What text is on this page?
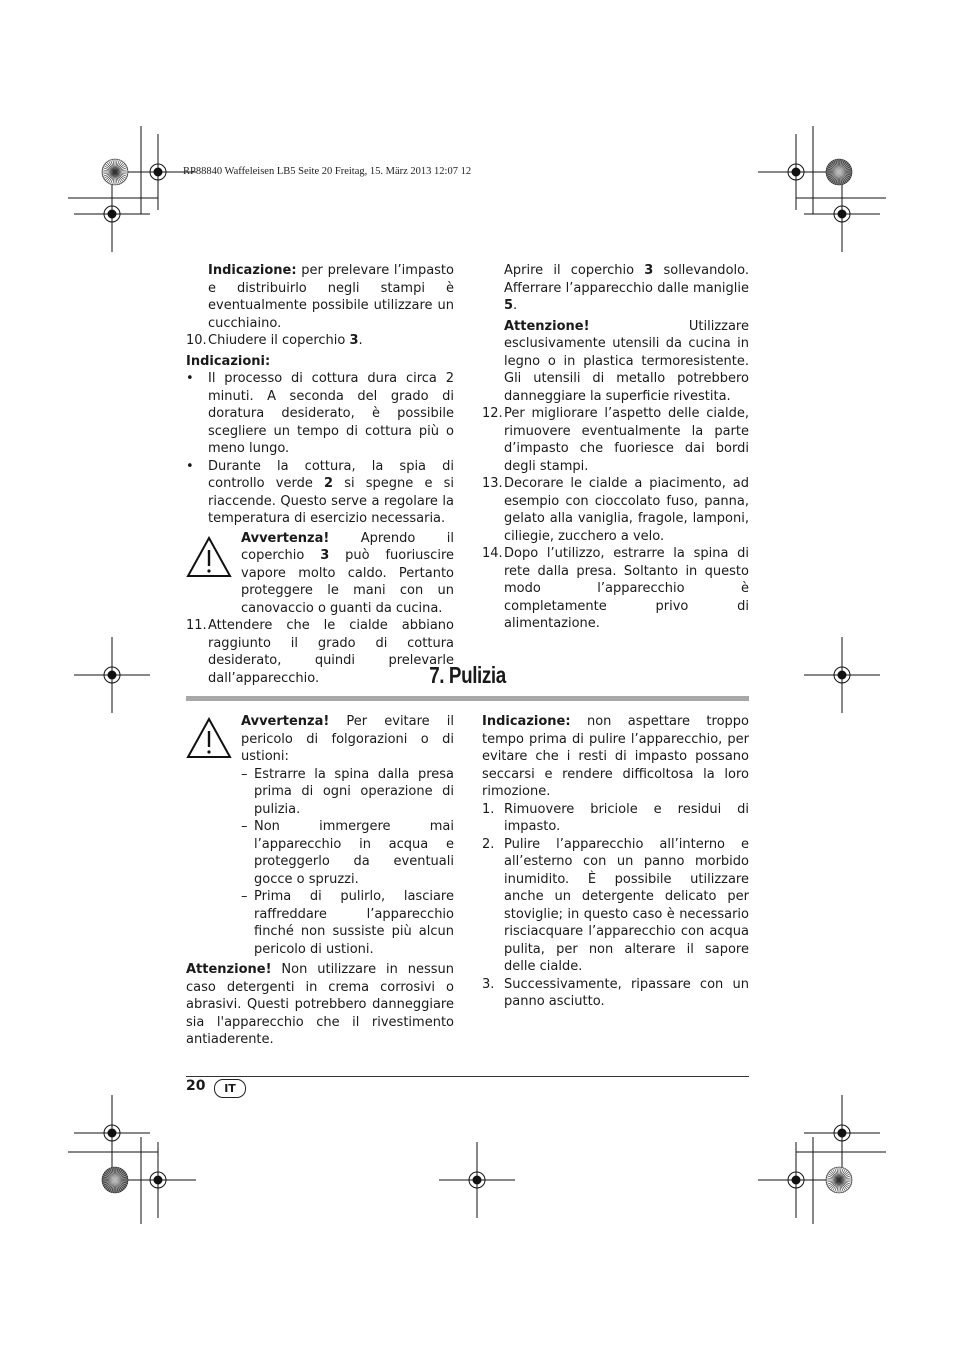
RP88840 Waffeleisen LB5 Seite 20 Freitag, 15. März 2013 12:07 12

Indicazione: per prelevare l’impasto e distribuirlo negli stampi è eventualmente possibile utilizzare un cucchiaino.

10. Chiudere il coperchio 3.

Indicazioni:

•	Il processo di cottura dura circa 2 minuti. A seconda del grado di doratura desiderato, è possibile scegliere un tempo di cottura più o meno lungo.
•	Durante la cottura, la spia di controllo verde 2 si spegne e si riaccende. Questo serve a regolare la temperatura di esercizio necessaria.

Avvertenza! Aprendo il coperchio 3 può fuoriuscire vapore molto caldo. Pertanto proteggere le mani con un canovaccio o guanti da cucina.

11. Attendere che le cialde abbiano raggiunto il grado di cottura desiderato, quindi prelevarle dall’apparecchio.

Aprire il coperchio 3 sollevandolo. Afferrare l’apparecchio dalle maniglie 5.

Attenzione! Utilizzare esclusivamente utensili da cucina in legno o in plastica termoresistente. Gli utensili di metallo potrebbero danneggiare la superficie rivestita.

12. Per migliorare l’aspetto delle cialde, rimuovere eventualmente la parte d’impasto che fuoriesce dai bordi degli stampi.
13. Decorare le cialde a piacimento, ad esempio con cioccolato fuso, panna, gelato alla vaniglia, fragole, lamponi, ciliegie, zucchero a velo.
14. Dopo l’utilizzo, estrarre la spina di rete dalla presa. Soltanto in questo modo l’apparecchio è completamente privo di alimentazione.
7. Pulizia

Avvertenza! Per evitare il pericolo di folgorazioni o di ustioni:

– Estrarre la spina dalla presa prima di ogni operazione di pulizia.
– Non immergere mai l’apparecchio in acqua e proteggerlo da eventuali gocce o spruzzi.
– Prima di pulirlo, lasciare raffreddare l’apparecchio finché non sussiste più alcun pericolo di ustioni.

Attenzione! Non utilizzare in nessun caso detergenti in crema corrosivi o abrasivi. Questi potrebbero danneggiare sia l'apparecchio che il rivestimento antiaderente.

Indicazione: non aspettare troppo tempo prima di pulire l’apparecchio, per evitare che i resti di impasto possano seccarsi e rendere difficoltosa la loro rimozione.

1. Rimuovere briciole e residui di impasto.
2. Pulire l’apparecchio all’interno e all’esterno con un panno morbido inumidito. È possibile utilizzare anche un detergente delicato per stoviglie; in questo caso è necessario risciacquare l’apparecchio con acqua pulita, per non alterare il sapore delle cialde.
3. Successivamente, ripassare con un panno asciutto.
20	IT
